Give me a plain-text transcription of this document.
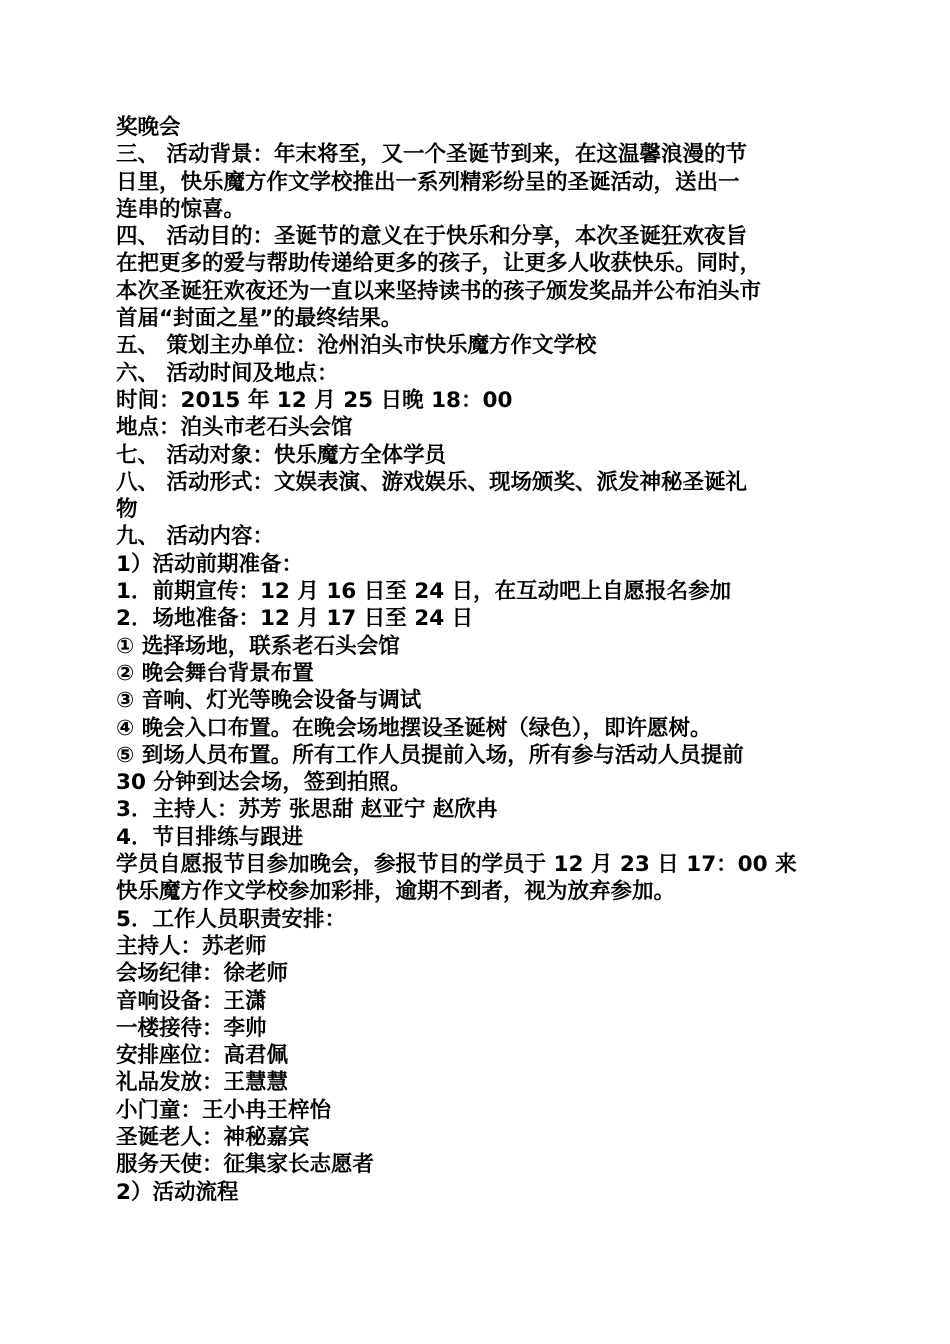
奖晚会
三、 活动背景：年末将至，又一个圣诞节到来，在这温馨浪漫的节
日里，快乐魔方作文学校推出一系列精彩纷呈的圣诞活动，送出一
连串的惊喜。
四、 活动目的：圣诞节的意义在于快乐和分享，本次圣诞狂欢夜旨
在把更多的爱与帮助传递给更多的孩子，让更多人收获快乐。同时，
本次圣诞狂欢夜还为一直以来坚持读书的孩子颁发奖品并公布泊头市
首届“封面之星”的最终结果。
五、 策划主办单位：沧州泊头市快乐魔方作文学校
六、 活动时间及地点：
时间：2015 年 12 月 25 日晚 18：00
地点：泊头市老石头会馆
七、 活动对象：快乐魔方全体学员
八、 活动形式：文娱表演、游戏娱乐、现场颁奖、派发神秘圣诞礼
物
九、 活动内容：
1）活动前期准备：
1．前期宣传：12 月 16 日至 24 日，在互动吧上自愿报名参加
2．场地准备：12 月 17 日至 24 日
① 选择场地，联系老石头会馆
② 晚会舞台背景布置
③ 音响、灯光等晚会设备与调试
④ 晚会入口布置。在晚会场地摆设圣诞树（绿色），即许愿树。
⑤ 到场人员布置。所有工作人员提前入场，所有参与活动人员提前
30 分钟到达会场，签到拍照。
3．主持人：苏芳 张思甜 赵亚宁 赵欣冉
4．节目排练与跟进
学员自愿报节目参加晚会，参报节目的学员于 12 月 23 日 17：00 来
快乐魔方作文学校参加彩排，逾期不到者，视为放弃参加。
5．工作人员职责安排：
主持人：苏老师
会场纪律：徐老师
音响设备：王潇
一楼接待：李帅
安排座位：高君佩
礼品发放：王慧慧
小门童：王小冉王梓怡
圣诞老人：神秘嘉宾
服务天使：征集家长志愿者
2）活动流程
